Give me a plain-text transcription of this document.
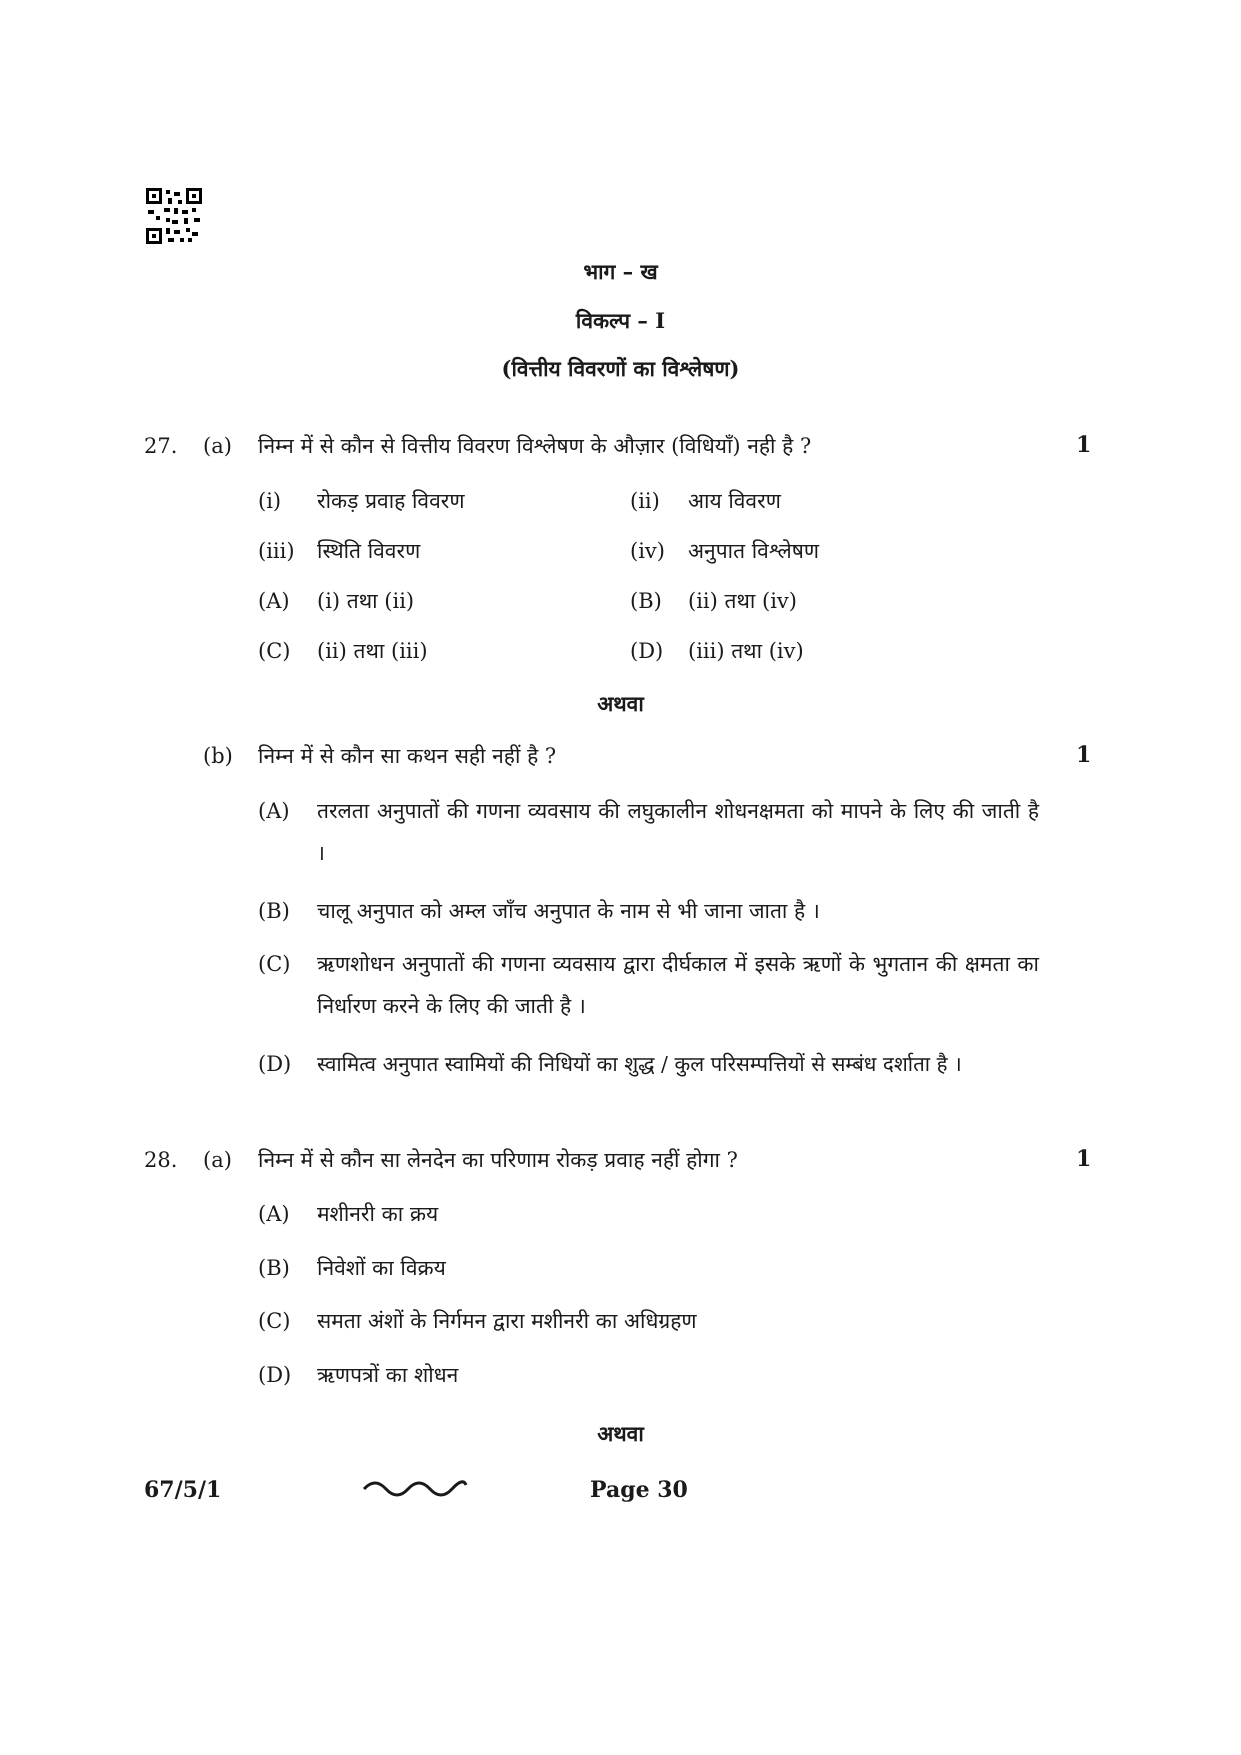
भाग – ख
विकल्प – I
(वित्तीय विवरणों का विश्लेषण)
27. (a) निम्न में से कौन से वित्तीय विवरण विश्लेषण के औज़ार (विधियाँ) नही है ?	1
(i) रोकड़ प्रवाह विवरण	(ii) आय विवरण
(iii) स्थिति विवरण	(iv) अनुपात विश्लेषण
(A) (i) तथा (ii)	(B) (ii) तथा (iv)
(C) (ii) तथा (iii)	(D) (iii) तथा (iv)
अथवा
(b) निम्न में से कौन सा कथन सही नहीं है ?	1
(A) तरलता अनुपातों की गणना व्यवसाय की लघुकालीन शोधनक्षमता को मापने के लिए की जाती है ।
(B) चालू अनुपात को अम्ल जाँच अनुपात के नाम से भी जाना जाता है ।
(C) ऋणशोधन अनुपातों की गणना व्यवसाय द्वारा दीर्घकाल में इसके ऋणों के भुगतान की क्षमता का निर्धारण करने के लिए की जाती है ।
(D) स्वामित्व अनुपात स्वामियों की निधियों का शुद्ध / कुल परिसम्पत्तियों से सम्बंध दर्शाता है ।
28. (a) निम्न में से कौन सा लेनदेन का परिणाम रोकड़ प्रवाह नहीं होगा ?	1
(A) मशीनरी का क्रय
(B) निवेशों का विक्रय
(C) समता अंशों के निर्गमन द्वारा मशीनरी का अधिग्रहण
(D) ऋणपत्रों का शोधन
अथवा
67/5/1	Page 30
